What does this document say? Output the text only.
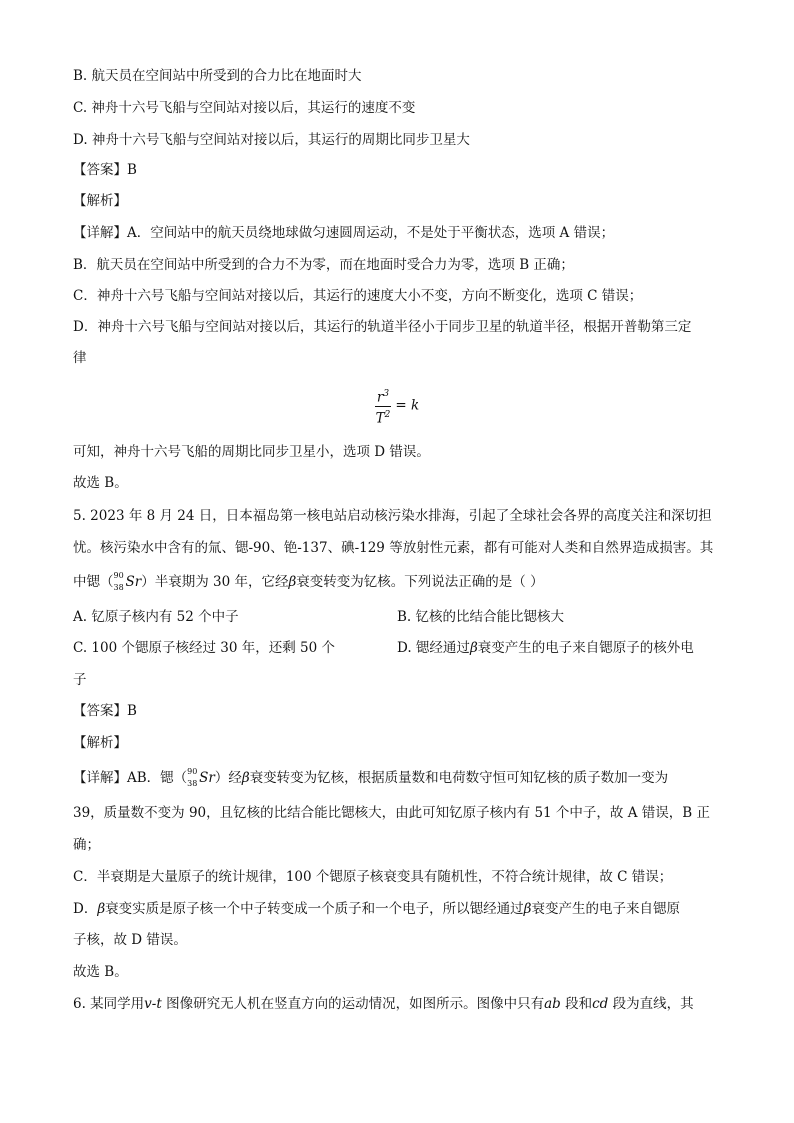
B. 航天员在空间站中所受到的合力比在地面时大
C. 神舟十六号飞船与空间站对接以后，其运行的速度不变
D. 神舟十六号飞船与空间站对接以后，其运行的周期比同步卫星大
【答案】B
【解析】
【详解】A．空间站中的航天员绕地球做匀速圆周运动，不是处于平衡状态，选项 A 错误；
B．航天员在空间站中所受到的合力不为零，而在地面时受合力为零，选项 B 正确；
C．神舟十六号飞船与空间站对接以后，其运行的速度大小不变，方向不断变化，选项 C 错误；
D．神舟十六号飞船与空间站对接以后，其运行的轨道半径小于同步卫星的轨道半径，根据开普勒第三定
律
$\frac{r^3}{T^2} = k$
可知，神舟十六号飞船的周期比同步卫星小，选项 D 错误。
故选 B。
5. 2023 年 8 月 24 日，日本福岛第一核电站启动核污染水排海，引起了全球社会各界的高度关注和深切担
忧。核污染水中含有的氚、锶-90、铯-137、碘-129 等放射性元素，都有可能对人类和自然界造成损害。其
中锶（ 90
38 Sr）半衰期为 30 年，它经β衰变转变为钇核。下列说法正确的是（ ）
A. 钇原子核内有 52 个中子	B. 钇核的比结合能比锶核大
C. 100 个锶原子核经过 30 年，还剩 50 个	D. 锶经通过β衰变产生的电子来自锶原子的核外电
子
【答案】B
【解析】
【详解】AB．锶（ 90
38 Sr）经β衰变转变为钇核，根据质量数和电荷数守恒可知钇核的质子数加一变为
39，质量数不变为 90，且钇核的比结合能比锶核大，由此可知钇原子核内有 51 个中子，故 A 错误，B 正
确；
C．半衰期是大量原子的统计规律，100 个锶原子核衰变具有随机性，不符合统计规律，故 C 错误；
D．β衰变实质是原子核一个中子转变成一个质子和一个电子，所以锶经通过β衰变产生的电子来自锶原
子核，故 D 错误。
故选 B。
6. 某同学用v-t 图像研究无人机在竖直方向的运动情况，如图所示。图像中只有ab 段和cd 段为直线，其
